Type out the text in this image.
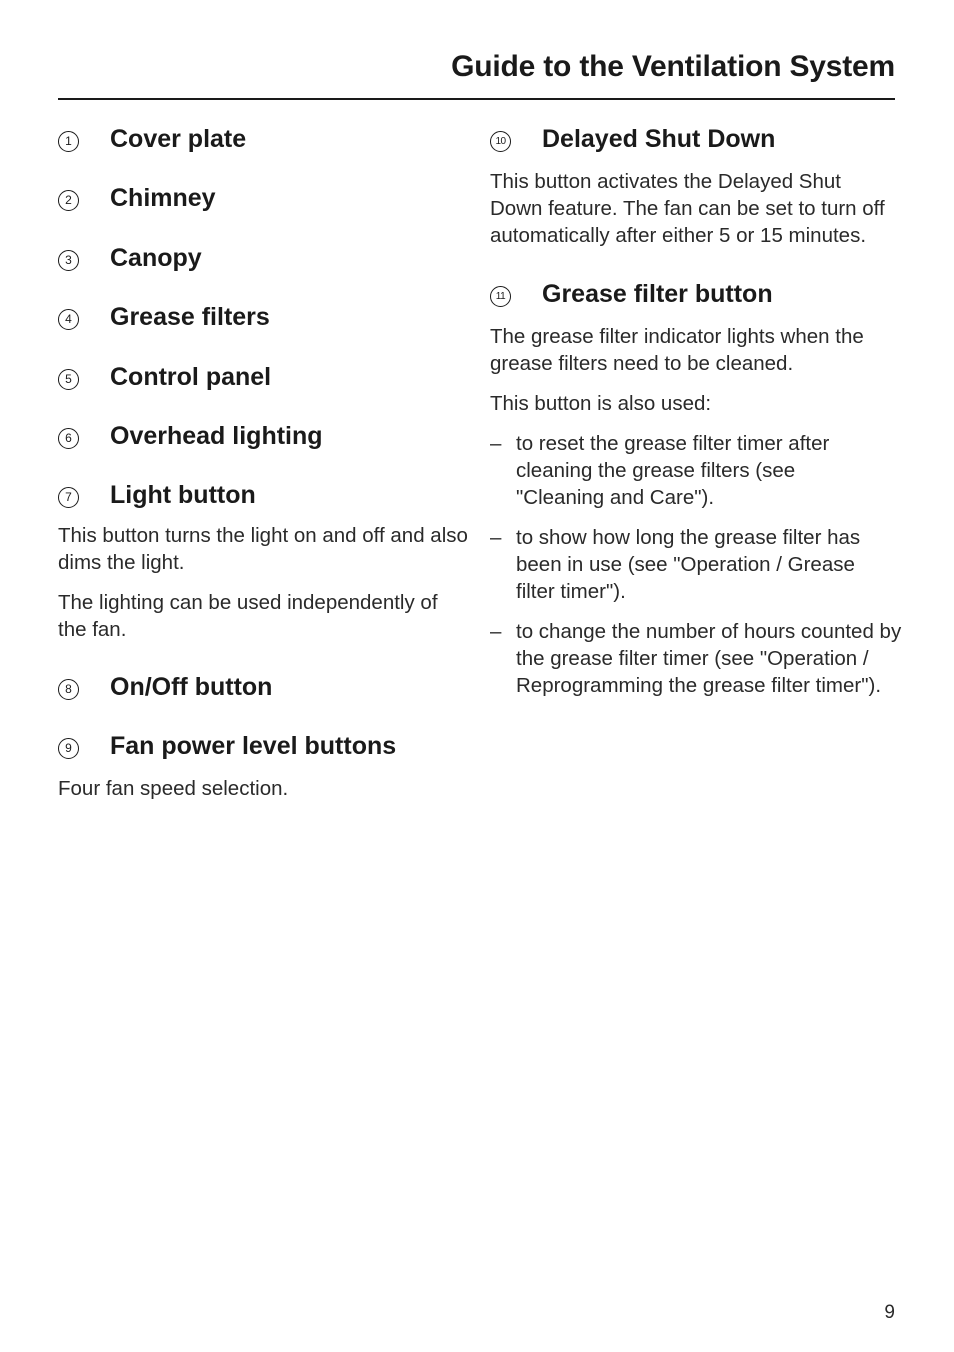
Guide to the Ventilation System
1 Cover plate
2 Chimney
3 Canopy
4 Grease filters
5 Control panel
6 Overhead lighting
7 Light button

This button turns the light on and off and also dims the light.

The lighting can be used independently of the fan.

8 On/Off button
9 Fan power level buttons

Four fan speed selection.

10 Delayed Shut Down

This button activates the Delayed Shut Down feature. The fan can be set to turn off automatically after either 5 or 15 minutes.

11 Grease filter button

The grease filter indicator lights when the grease filters need to be cleaned.

This button is also used:

– to reset the grease filter timer after cleaning the grease filters (see "Cleaning and Care").
– to show how long the grease filter has been in use (see "Operation / Grease filter timer").
– to change the number of hours counted by the grease filter timer (see "Operation / Reprogramming the grease filter timer").
9
